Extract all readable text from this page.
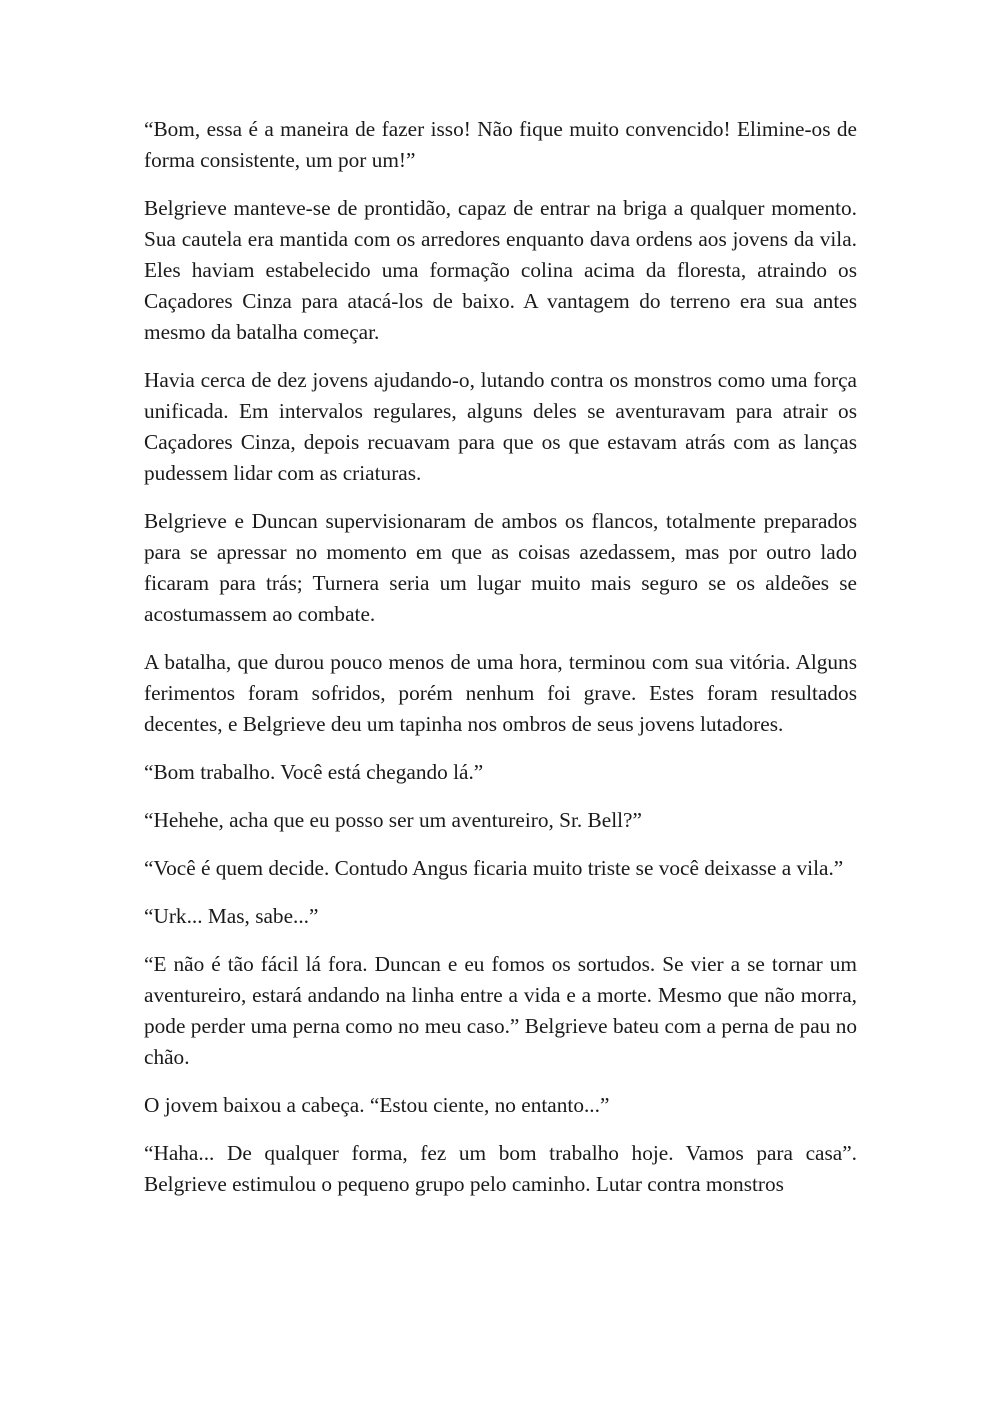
“Bom, essa é a maneira de fazer isso! Não fique muito convencido! Elimine-os de forma consistente, um por um!”

Belgrieve manteve-se de prontidão, capaz de entrar na briga a qualquer momento. Sua cautela era mantida com os arredores enquanto dava ordens aos jovens da vila. Eles haviam estabelecido uma formação colina acima da floresta, atraindo os Caçadores Cinza para atacá-los de baixo. A vantagem do terreno era sua antes mesmo da batalha começar.

Havia cerca de dez jovens ajudando-o, lutando contra os monstros como uma força unificada. Em intervalos regulares, alguns deles se aventuravam para atrair os Caçadores Cinza, depois recuavam para que os que estavam atrás com as lanças pudessem lidar com as criaturas.

Belgrieve e Duncan supervisionaram de ambos os flancos, totalmente preparados para se apressar no momento em que as coisas azedassem, mas por outro lado ficaram para trás; Turnera seria um lugar muito mais seguro se os aldeões se acostumassem ao combate.

A batalha, que durou pouco menos de uma hora, terminou com sua vitória. Alguns ferimentos foram sofridos, porém nenhum foi grave. Estes foram resultados decentes, e Belgrieve deu um tapinha nos ombros de seus jovens lutadores.

“Bom trabalho. Você está chegando lá.”

“Hehehe, acha que eu posso ser um aventureiro, Sr. Bell?”

“Você é quem decide. Contudo Angus ficaria muito triste se você deixasse a vila.”

“Urk... Mas, sabe...”

“E não é tão fácil lá fora. Duncan e eu fomos os sortudos. Se vier a se tornar um aventureiro, estará andando na linha entre a vida e a morte. Mesmo que não morra, pode perder uma perna como no meu caso.” Belgrieve bateu com a perna de pau no chão.

O jovem baixou a cabeça. “Estou ciente, no entanto...”

“Haha... De qualquer forma, fez um bom trabalho hoje. Vamos para casa”. Belgrieve estimulou o pequeno grupo pelo caminho. Lutar contra monstros
